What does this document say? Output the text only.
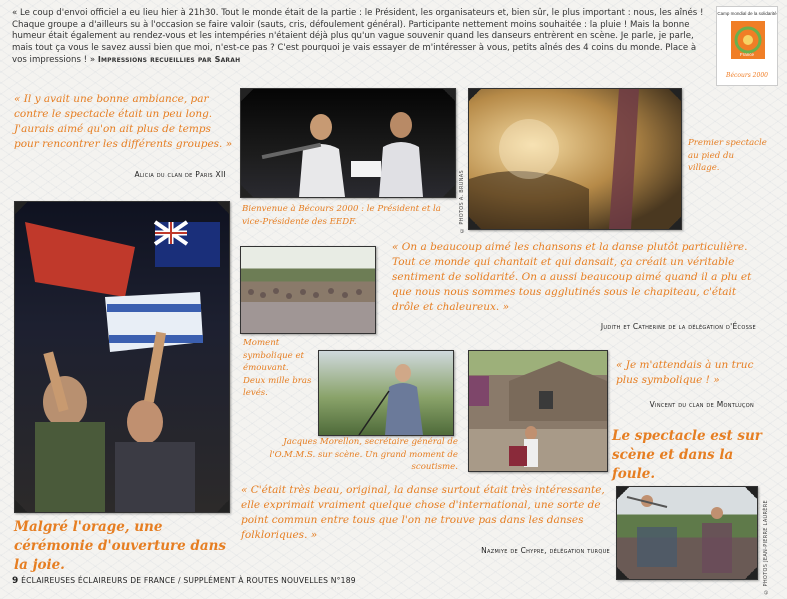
« Le coup d'envoi officiel a eu lieu hier à 21h30. Tout le monde était de la partie : le Président, les organisateurs et, bien sûr, le plus important : nous, les aînés ! Chaque groupe a d'ailleurs su à l'occasion se faire valoir (sauts, cris, défoulement général). Participante nettement moins souhaitée : la pluie ! Mais la bonne humeur était également au rendez-vous et les intempéries n'étaient déjà plus qu'un vague souvenir quand les danseurs entrèrent en scène. Je parle, je parle, mais tout ça vous le savez aussi bien que moi, n'est-ce pas ? C'est pourquoi je vais essayer de m'intéresser à vous, petits aînés des 4 coins du monde. Place à vos impressions ! » Impressions recueillies par Sarah
Camp mondial de la solidarité
France
Bécours 2000
« Il y avait une bonne ambiance, par contre le spectacle était un peu long. J'aurais aimé qu'on ait plus de temps pour rencontrer les différents groupes. »
Alicia du clan de Paris XII
Bienvenue à Bécours 2000 : le Président et la vice-Présidente des EEDF.	© PHOTOS A. BRUNAS
Premier spectacle au pied du village.
Moment symbolique et émouvant. Deux mille bras levés.
« On a beaucoup aimé les chansons et la danse plutôt particulière. Tout ce monde qui chantait et qui dansait, ça créait un véritable sentiment de solidarité. On a aussi beaucoup aimé quand il a plu et que nous nous sommes tous agglutinés sous le chapiteau, c'était drôle et chaleureux. »
Judith et Catherine de la délégation d'Écosse
Jacques Morellon, secrétaire général de l'O.M.M.S. sur scène. Un grand moment de scoutisme.
« Je m'attendais à un truc plus symbolique ! »
Vincent du clan de Montluçon
Le spectacle est sur scène et dans la foule.
« C'était très beau, original, la danse surtout était très intéressante, elle exprimait vraiment quelque chose d'international, une sorte de point commun entre tous que l'on ne trouve pas dans les danses folkloriques. »
Nazmiye de Chypre, délégation turque
Malgré l'orage, une cérémonie d'ouverture dans la joie.	© PHOTOS JEAN-PIERRE LAURÈRE
9 ÉCLAIREUSES ÉCLAIREURS DE FRANCE / SUPPLÉMENT À ROUTES NOUVELLES N°189
